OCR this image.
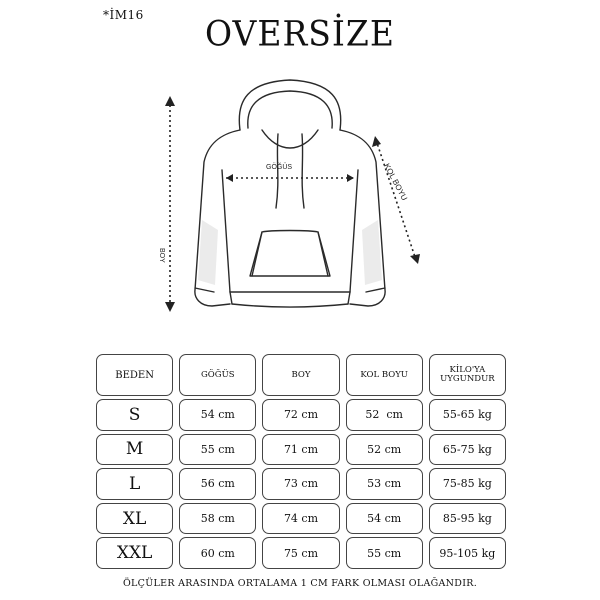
*İM16	OVERSİZE
BOY
GÖĞÜS	KOL BOYU
BEDEN	GÖĞÜS	BOY	KOL BOYU	KİLO'YA
UYGUNDUR
S	54 cm	72 cm	52  cm	55-65 kg
M	55 cm	71 cm	52 cm	65-75 kg
L	56 cm	73 cm	53 cm	75-85 kg
XL	58 cm	74 cm	54 cm	85-95 kg
XXL	60 cm	75 cm	55 cm	95-105 kg
ÖLÇÜLER ARASINDA ORTALAMA 1 CM FARK OLMASI OLAĞANDIR.
